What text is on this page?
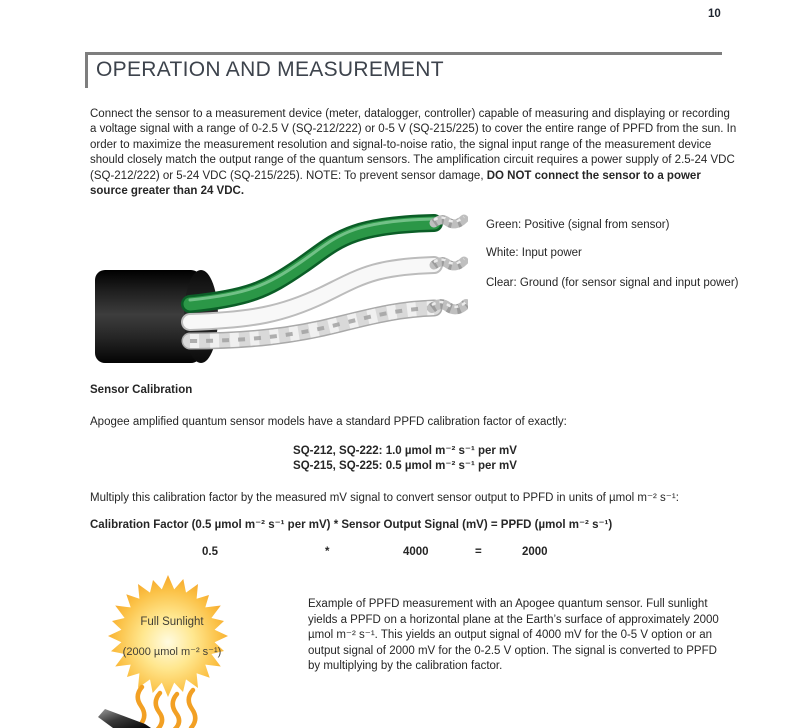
10
OPERATION AND MEASUREMENT

Connect the sensor to a measurement device (meter, datalogger, controller) capable of measuring and displaying or recording a voltage signal with a range of 0-2.5 V (SQ-212/222) or 0-5 V (SQ-215/225) to cover the entire range of PPFD from the sun. In order to maximize the measurement resolution and signal-to-noise ratio, the signal input range of the measurement device should closely match the output range of the quantum sensors. The amplification circuit requires a power supply of 2.5-24 VDC (SQ-212/222) or 5-24 VDC (SQ-215/225). NOTE: To prevent sensor damage, DO NOT connect the sensor to a power source greater than 24 VDC.

Green: Positive (signal from sensor)
White: Input power
Clear: Ground (for sensor signal and input power)
Sensor Calibration
Apogee amplified quantum sensor models have a standard PPFD calibration factor of exactly:
SQ-212, SQ-222: 1.0 µmol m⁻² s⁻¹ per mV
SQ-215, SQ-225: 0.5 µmol m⁻² s⁻¹ per mV
Multiply this calibration factor by the measured mV signal to convert sensor output to PPFD in units of µmol m⁻² s⁻¹:
Calibration Factor (0.5 µmol m⁻² s⁻¹ per mV) * Sensor Output Signal (mV) = PPFD (µmol m⁻² s⁻¹)
0.5	*	4000	=	2000
Full Sunlight
(2000 µmol m⁻² s⁻¹)

Example of PPFD measurement with an Apogee quantum sensor. Full sunlight yields a PPFD on a horizontal plane at the Earth’s surface of approximately 2000 µmol m⁻² s⁻¹. This yields an output signal of 4000 mV for the 0-5 V option or an output signal of 2000 mV for the 0-2.5 V option. The signal is converted to PPFD by multiplying by the calibration factor.
